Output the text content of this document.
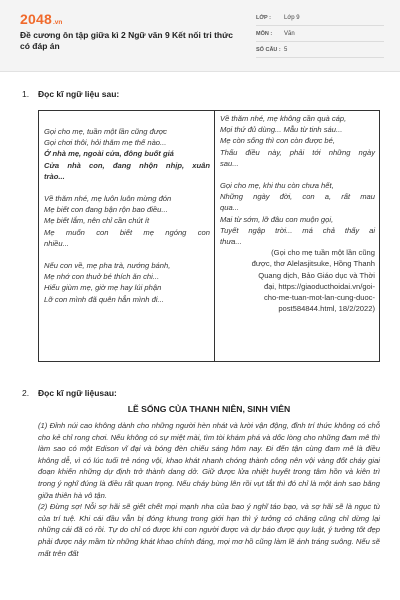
2048 .vn
Đề cương ôn tập giữa kì 2 Ngữ văn 9 Kết nối tri thức có đáp án
LỚP :	Lớp 9
MÔN :	Văn
SỐ CÂU : 5
1. Đọc kĩ ngữ liệu sau:
Gọi cho mẹ, tuần một lần cũng được
Gọi chơi thôi, hỏi thăm mẹ thế nào...
Ở nhà mẹ, ngoài cửa, đông buốt giá
Cửa nhà con, đang nhộn nhịp, xuân
trào...
Về thăm nhé, mẹ luôn luôn mừng đón
Mẹ biết con đang bận rộn bao điều...
Mẹ biết lắm, nên chỉ cần chút ít
Mẹ muốn con biết mẹ ngóng con
nhiều...
Nếu con về, mẹ pha trà, nướng bánh,
Mẹ nhớ con thuở bé thích ăn chi...
Hiểu giùm mẹ, giờ mẹ hay lúi phận
Lỡ con mình đã quên hẳn mình đi...
Về thăm nhé, mẹ không cần quà cáp,
Mọi thứ đủ dùng... Mẫu từ tinh sáu...
Mẹ còn sống thì con còn được bé,
Thấu điều này, phải tới những ngày
sau...
Gọi cho mẹ, khi thu còn chưa hết,
Những ngày đời, con a, rất mau
qua...
Mai từ sớm, lỡ đâu con muộn gọi,
Tuyết ngập trời... má chả thấy ai
thưa...
(Gọi cho mẹ tuần một lần cũng
được, thơ Alelasjitsuke, Hồng Thanh
Quang dịch, Bảo Giáo dục và Thời
đại, https://giaoducthoidai.vn/goi-
cho-me-tuan-mot-lan-cung-duoc-
post584844.html, 18/2/2022)
2. Đọc kĩ ngữ liệusau:
LẼ SỐNG CỦA THANH NIÊN, SINH VIÊN

(1) Đỉnh núi cao không dành cho những người hèn nhát và lười vận động, đỉnh trí thức không có chỗ cho kẻ chỉ rong chơi. Nếu không có sự miệt mài, tìm tòi khám phá và dốc lòng cho những đam mê thì làm sao có một Edison vĩ đại và bóng đèn chiếu sáng hôm nay. Đi đến tận cùng đam mê là điều không dễ, vì có lúc tuổi trẻ nóng vội, khao khát nhanh chóng thành công nên vội vàng đốt cháy giai đoạn khiến những dự định trở thành dang dở. Giữ được lửa nhiệt huyết trong tâm hồn và kiên trì trong ý nghĩ đúng là điều rất quan trọng. Nếu cháy bùng lên rồi vụt tắt thì đó chỉ là một ánh sao băng giữa thiên hà vô tận.

(2) Đừng sợ! Nỗi sợ hãi sẽ giết chết mọi mạnh nha của bao ý nghĩ táo bạo, và sợ hãi sẽ là ngục tù của trí tuệ. Khi cái đầu vẫn bị đóng khung trong giới hạn thì ý tưởng có chăng cũng chỉ dừng lại những cái đã có rồi. Tự do chỉ có được khi con người được và dự báo được quy luật, ý tưởng tốt đẹp phải được nảy mầm từ những khát khao chính đáng, mọi mơ hồ cũng làm lẽ ánh tráng suông. Nếu sẽ mất trên đất
